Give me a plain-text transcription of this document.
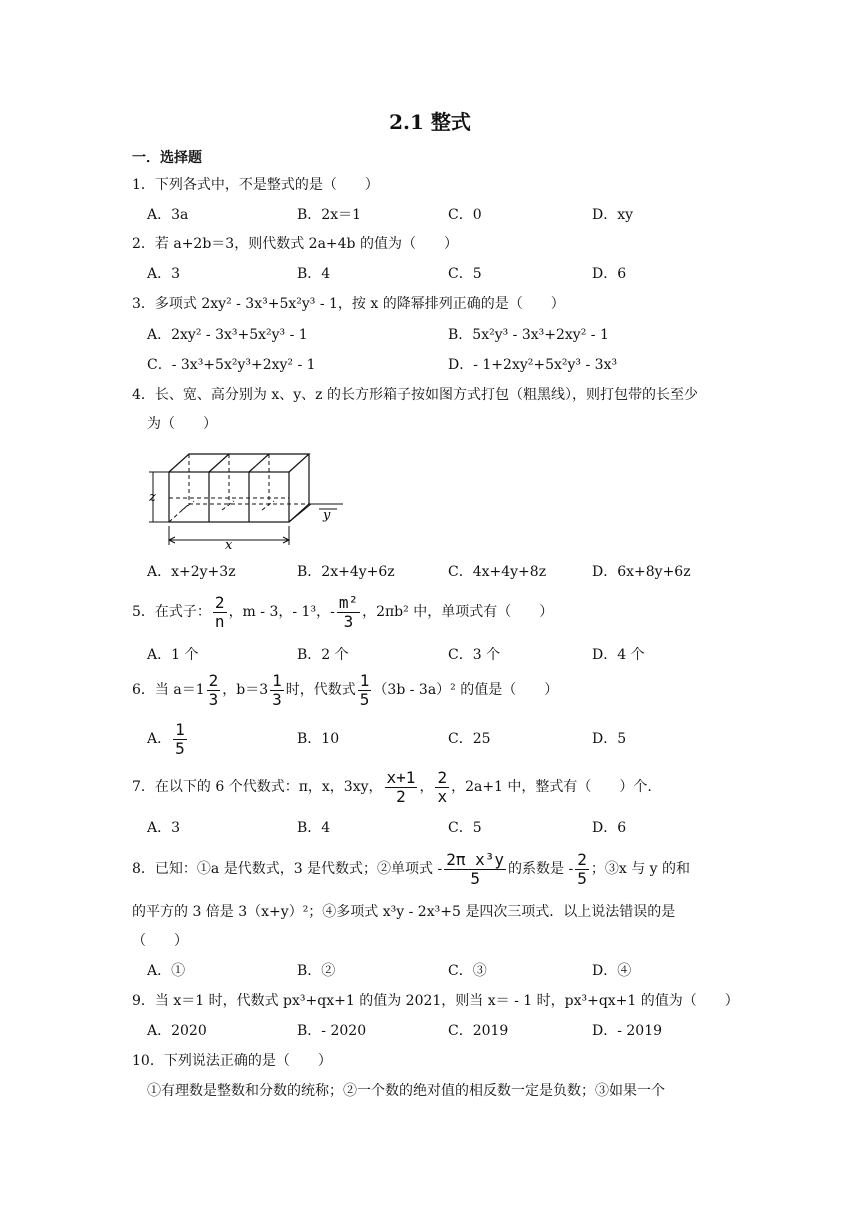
2.1 整式
一．选择题
1．下列各式中，不是整式的是（　　）
A．3a	B．2x＝1	C．0	D．xy
2．若 a+2b＝3，则代数式 2a+4b 的值为（　　）
A．3	B．4	C．5	D．6
3．多项式 2xy² - 3x³+5x²y³ - 1，按 x 的降幂排列正确的是（　　）
A．2xy² - 3x³+5x²y³ - 1	B．5x²y³ - 3x³+2xy² - 1
C．- 3x³+5x²y³+2xy² - 1	D．- 1+2xy²+5x²y³ - 3x³
4．长、宽、高分别为 x、y、z 的长方形箱子按如图方式打包（粗黑线），则打包带的长至少
为（　　）
z
x
y
A．x+2y+3z	B．2x+4y+6z	C．4x+4y+8z	D．6x+8y+6z
5．在式子： $\frac{2}{n}$ ，m - 3，- 1³，- $\frac{\text{m²}}{3}$ ，2πb² 中，单项式有（　　）
A．1 个	B．2 个	C．3 个	D．4 个
6．当 $a=1 \frac{2}{3}$ ，$b=3 \frac{1}{3}$ 时，代数式 $\frac{1}{5} (3b - 3a)^2$ 的值是（　　）
A． $\frac{1}{5}$	B．10	C．25	D．5
7．在以下的 6 个代数式：π，x，3xy， $\frac{x+1}{2}$ ， $\frac{2}{x}$ ，2a+1 中，整式有（　　）个.
A．3	B．4	C．5	D．6
8．已知：①a 是代数式，3 是代数式；②单项式 - $\frac{\text{2π x³y}}{5}$ 的系数是 - $\frac{2}{5}$ ；③x 与 y 的和
的平方的 3 倍是 3（x+y）²；④多项式 x³y - 2x³+5 是四次三项式．以上说法错误的是
（　　）
A．①	B．②	C．③	D．④
9．当 x＝1 时，代数式 px³+qx+1 的值为 2021，则当 x＝ - 1 时，px³+qx+1 的值为（　　）
A．2020	B．- 2020	C．2019	D．- 2019
10．下列说法正确的是（　　）
①有理数是整数和分数的统称；②一个数的绝对值的相反数一定是负数；③如果一个
